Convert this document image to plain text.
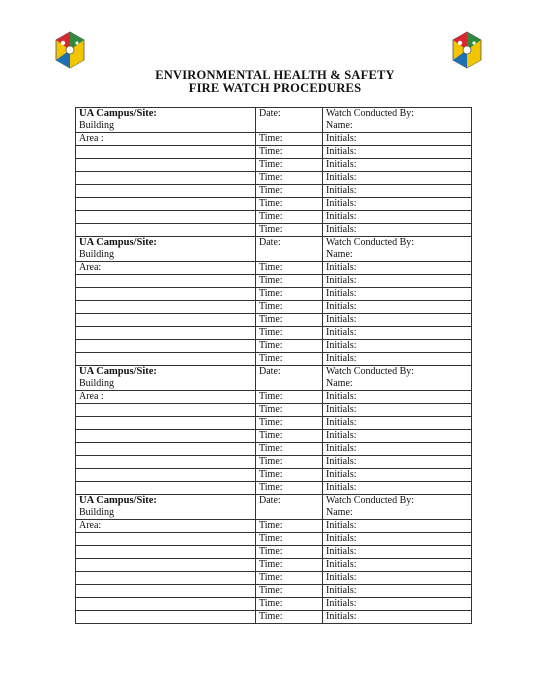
ENVIRONMENTAL HEALTH & SAFETY
FIRE WATCH PROCEDURES
UA Campus/Site:	Date:	Watch Conducted By:
Building		Name:
Area :	Time:	Initials:
	Time:	Initials:
	Time:	Initials:
	Time:	Initials:
	Time:	Initials:
	Time:	Initials:
	Time:	Initials:
	Time:	Initials:
UA Campus/Site:	Date:	Watch Conducted By:
Building		Name:
Area:	Time:	Initials:
	Time:	Initials:
	Time:	Initials:
	Time:	Initials:
	Time:	Initials:
	Time:	Initials:
	Time:	Initials:
	Time:	Initials:
UA Campus/Site:	Date:	Watch Conducted By:
Building		Name:
Area :	Time:	Initials:
	Time:	Initials:
	Time:	Initials:
	Time:	Initials:
	Time:	Initials:
	Time:	Initials:
	Time:	Initials:
	Time:	Initials:
UA Campus/Site:	Date:	Watch Conducted By:
Building		Name:
Area:	Time:	Initials:
	Time:	Initials:
	Time:	Initials:
	Time:	Initials:
	Time:	Initials:
	Time:	Initials:
	Time:	Initials:
	Time:	Initials:
